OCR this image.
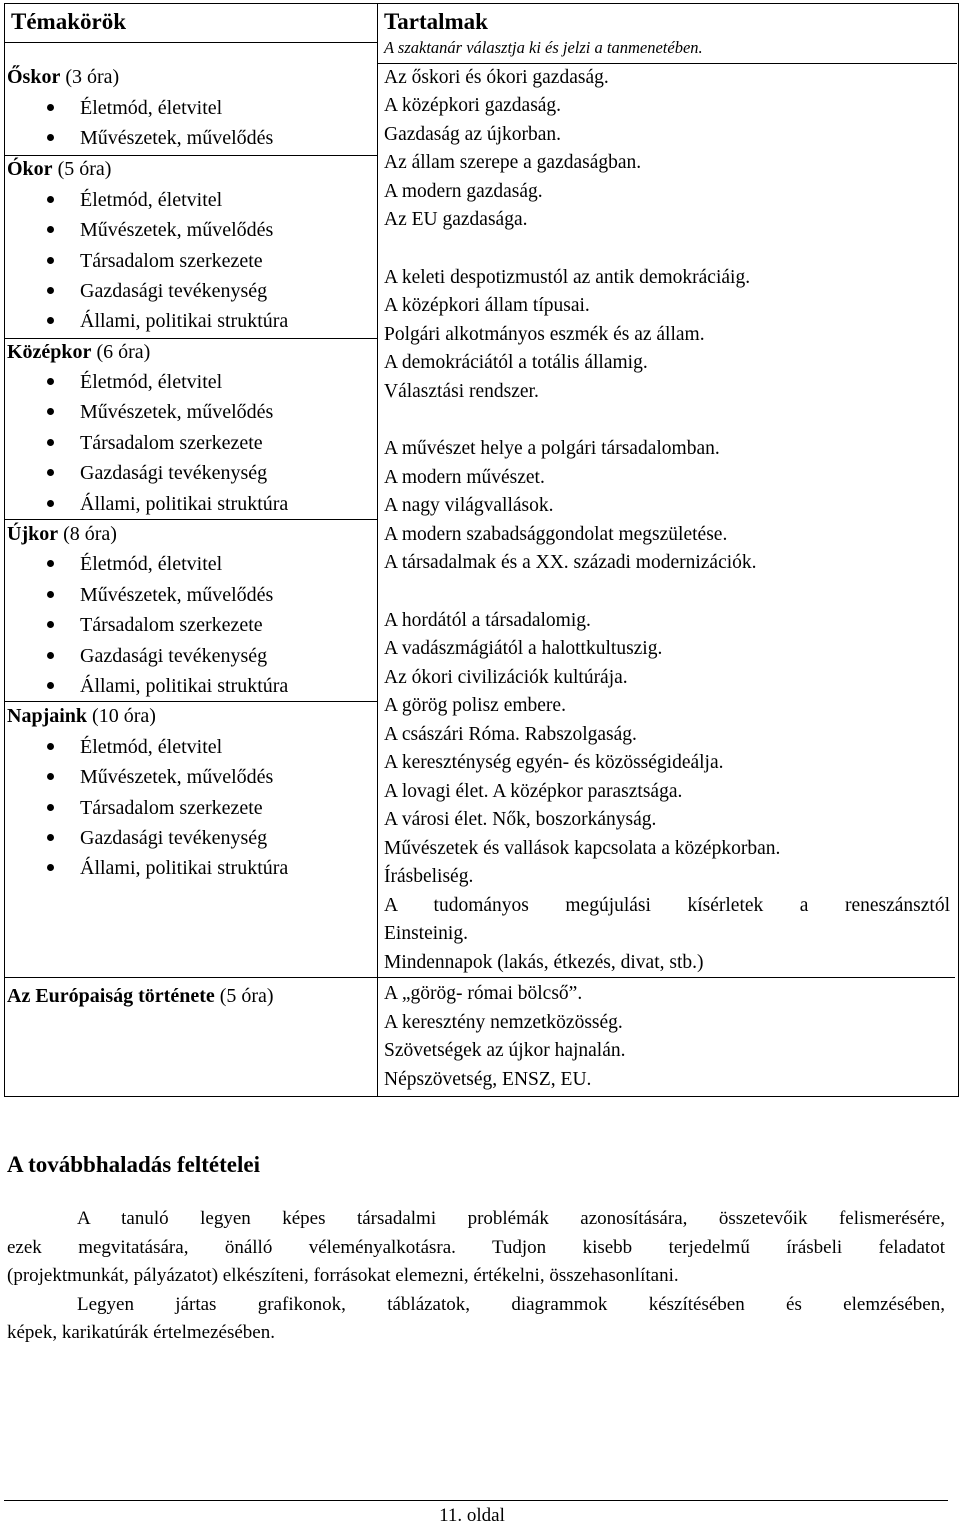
Témakörök	Tartalmak
A szaktanár választja ki és jelzi a tanmenetében.
Őskor (3 óra)
Életmód, életvitel
Művészetek, művelődés
Ókor (5 óra)
Életmód, életvitel
Művészetek, művelődés
Társadalom szerkezete
Gazdasági tevékenység
Állami, politikai struktúra
Középkor (6 óra)
Életmód, életvitel
Művészetek, művelődés
Társadalom szerkezete
Gazdasági tevékenység
Állami, politikai struktúra
Újkor (8 óra)
Életmód, életvitel
Művészetek, művelődés
Társadalom szerkezete
Gazdasági tevékenység
Állami, politikai struktúra
Napjaink (10 óra)
Életmód, életvitel
Művészetek, művelődés
Társadalom szerkezete
Gazdasági tevékenység
Állami, politikai struktúra
Az Európaiság története (5 óra)
Az őskori és ókori gazdaság.
A középkori gazdaság.
Gazdaság az újkorban.
Az állam szerepe a gazdaságban.
A modern gazdaság.
Az EU gazdasága.
A keleti despotizmustól az antik demokráciáig.
A középkori állam típusai.
Polgári alkotmányos eszmék és az állam.
A demokráciától a totális államig.
Választási rendszer.
A művészet helye a polgári társadalomban.
A modern művészet.
A nagy világvallások.
A modern szabadsággondolat megszületése.
A társadalmak és a XX. századi modernizációk.
A hordától a társadalomig.
A vadászmágiától a halottkultuszig.
Az ókori civilizációk kultúrája.
A görög polisz embere.
A császári Róma. Rabszolgaság.
A kereszténység egyén- és közösségideálja.
A lovagi élet. A középkor parasztsága.
A városi élet. Nők, boszorkányság.
Művészetek és vallások kapcsolata a középkorban.
Írásbeliség.
A tudományos megújulási kísérletek a reneszánsztól
Einsteinig.
Mindennapok (lakás, étkezés, divat, stb.)
A „görög- római bölcső”.
A keresztény nemzetközösség.
Szövetségek az újkor hajnalán.
Népszövetség, ENSZ, EU.
A továbbhaladás feltételei
A tanuló legyen képes társadalmi problémák azonosítására, összetevőik felismerésére,
ezek megvitatására, önálló véleményalkotásra. Tudjon kisebb terjedelmű írásbeli feladatot
(projektmunkát, pályázatot) elkészíteni, forrásokat elemezni, értékelni, összehasonlítani.
Legyen jártas grafikonok, táblázatok, diagrammok készítésében és elemzésében,
képek, karikatúrák értelmezésében.
11. oldal
